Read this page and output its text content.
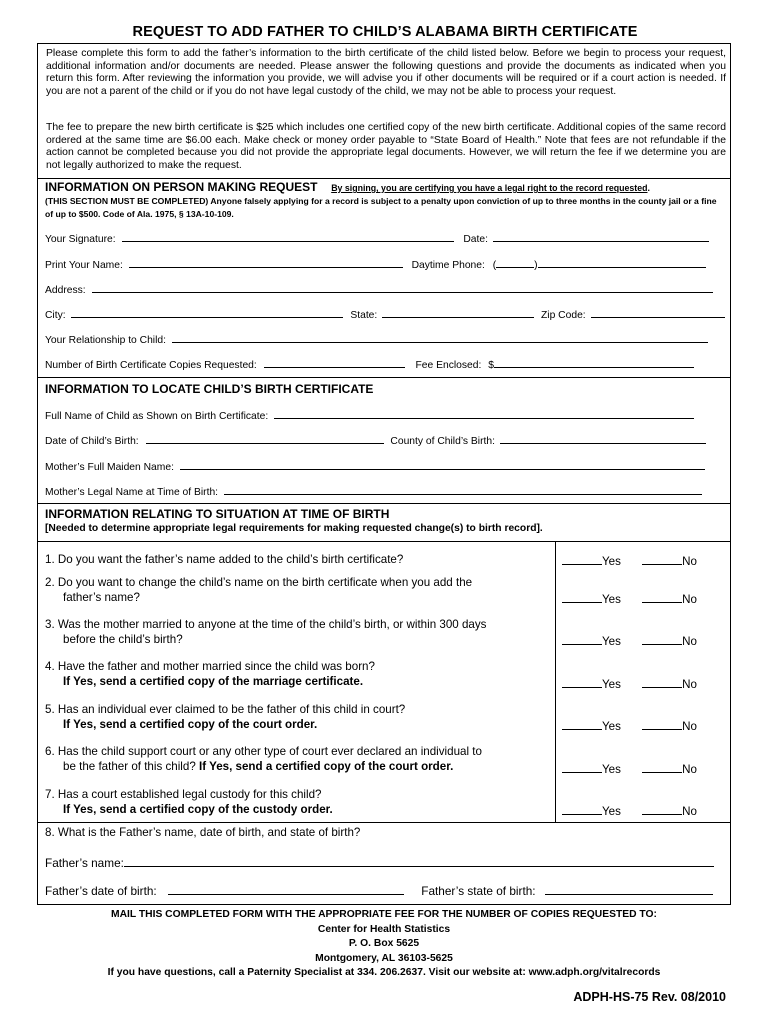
REQUEST TO ADD FATHER TO CHILD’S ALABAMA BIRTH CERTIFICATE
Please complete this form to add the father’s information to the birth certificate of the child listed below. Before we begin to process your request, additional information and/or documents are needed. Please answer the following questions and provide the documents as indicated when you return this form. After reviewing the information you provide, we will advise you if other documents will be required or if a court action is needed. If you are not a parent of the child or if you do not have legal custody of the child, we may not be able to process your request.
The fee to prepare the new birth certificate is $25 which includes one certified copy of the new birth certificate. Additional copies of the same record ordered at the same time are $6.00 each. Make check or money order payable to “State Board of Health.” Note that fees are not refundable if the action cannot be completed because you did not provide the appropriate legal documents. However, we will return the fee if we determine you are not legally authorized to make the request.
INFORMATION ON PERSON MAKING REQUEST By signing, you are certifying you have a legal right to the record requested.
(THIS SECTION MUST BE COMPLETED) Anyone falsely applying for a record is subject to a penalty upon conviction of up to three months in the county jail or a fine of up to $500. Code of Ala. 1975, § 13A-10-109.
Your Signature:	Date:
Print Your Name:	Daytime Phone: (	)
Address:
City:	State:	Zip Code:
Your Relationship to Child:
Number of Birth Certificate Copies Requested:	Fee Enclosed: $
INFORMATION TO LOCATE CHILD’S BIRTH CERTIFICATE
Full Name of Child as Shown on Birth Certificate:
Date of Child’s Birth:	County of Child’s Birth:
Mother’s Full Maiden Name:
Mother’s Legal Name at Time of Birth:
INFORMATION RELATING TO SITUATION AT TIME OF BIRTH
[Needed to determine appropriate legal requirements for making requested change(s) to birth record].
1. Do you want the father’s name added to the child’s birth certificate?	Yes	No
2. Do you want to change the child’s name on the birth certificate when you add the
father’s name?	Yes	No
3. Was the mother married to anyone at the time of the child’s birth, or within 300 days
before the child’s birth?	Yes	No
4. Have the father and mother married since the child was born?
If Yes, send a certified copy of the marriage certificate.	Yes	No
5. Has an individual ever claimed to be the father of this child in court?
If Yes, send a certified copy of the court order.	Yes	No
6. Has the child support court or any other type of court ever declared an individual to
be the father of this child? If Yes, send a certified copy of the court order.	Yes	No
7. Has a court established legal custody for this child?
If Yes, send a certified copy of the custody order.	Yes	No
8. What is the Father’s name, date of birth, and state of birth?
Father’s name:
Father’s date of birth:	Father’s state of birth:
MAIL THIS COMPLETED FORM WITH THE APPROPRIATE FEE FOR THE NUMBER OF COPIES REQUESTED TO:
Center for Health Statistics
P. O. Box 5625
Montgomery, AL 36103-5625
If you have questions, call a Paternity Specialist at 334. 206.2637. Visit our website at: www.adph.org/vitalrecords
ADPH-HS-75 Rev. 08/2010
